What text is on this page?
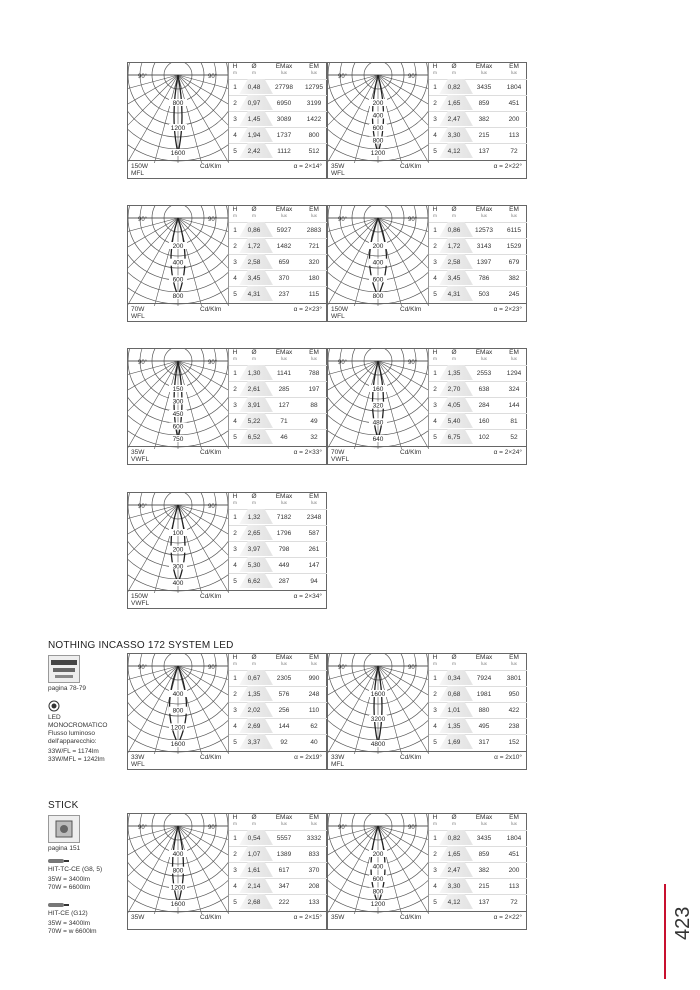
90°	90°
800
1200
1600
H
m
Ø
m
EMax
lux
EM
lux
1	0,48	27798	12795
2	0,97	6950	3199
3	1,45	3089	1422
4	1,94	1737	800
5	2,42	1112	512
150W
MFL
Cd/Klm	α = 2×14°
90°	90°
200
400
600
800
1200
H
m
Ø
m
EMax
lux
EM
lux
1	0,82	3435	1804
2	1,65	859	451
3	2,47	382	200
4	3,30	215	113
5	4,12	137	72
35W
WFL
Cd/Klm	α = 2×22°
90°	90°
200
400
600
800
H
m
Ø
m
EMax
lux
EM
lux
1	0,86	5927	2883
2	1,72	1482	721
3	2,58	659	320
4	3,45	370	180
5	4,31	237	115
70W
WFL
Cd/Klm	α = 2×23°
90°	90°
200
400
600
800
H
m
Ø
m
EMax
lux
EM
lux
1	0,86	12573	6115
2	1,72	3143	1529
3	2,58	1397	679
4	3,45	786	382
5	4,31	503	245
150W
WFL
Cd/Klm	α = 2×23°
90°	90°
150
300
450
600
750
H
m
Ø
m
EMax
lux
EM
lux
1	1,30	1141	788
2	2,61	285	197
3	3,91	127	88
4	5,22	71	49
5	6,52	46	32
35W
VWFL
Cd/Klm	α = 2×33°
90°	90°
160
320
480
640
H
m
Ø
m
EMax
lux
EM
lux
1	1,35	2553	1294
2	2,70	638	324
3	4,05	284	144
4	5,40	160	81
5	6,75	102	52
70W
VWFL
Cd/Klm	α = 2×24°
90°	90°
100
200
300
400
H
m
Ø
m
EMax
lux
EM
lux
1	1,32	7182	2348
2	2,65	1796	587
3	3,97	798	261
4	5,30	449	147
5	6,62	287	94
150W
VWFL
Cd/Klm	α = 2×34°
90°	90°
400
800
1200
1600
H
m
Ø
m
EMax
lux
EM
lux
1	0,67	2305	990
2	1,35	576	248
3	2,02	256	110
4	2,69	144	62
5	3,37	92	40
33W
WFL
Cd/Klm	α = 2x19°
90°	90°
1600
3200
4800
H
m
Ø
m
EMax
lux
EM
lux
1	0,34	7924	3801
2	0,68	1981	950
3	1,01	880	422
4	1,35	495	238
5	1,69	317	152
33W
MFL
Cd/Klm	α = 2x10°
90°	90°
400
800
1200
1600
H
m
Ø
m
EMax
lux
EM
lux
1	0,54	5557	3332
2	1,07	1389	833
3	1,61	617	370
4	2,14	347	208
5	2,68	222	133
35W	Cd/Klm	α = 2×15°
90°	90°
200
400
600
800
1200
H
m
Ø
m
EMax
lux
EM
lux
1	0,82	3435	1804
2	1,65	859	451
3	2,47	382	200
4	3,30	215	113
5	4,12	137	72
35W	Cd/Klm	α = 2×22°
NOTHING INCASSO 172 SYSTEM LED
pagina 78-79
LED
MONOCROMATICO
Flusso luminoso
dell'apparecchio:
33W/FL = 1174lm
33W/MFL = 1242lm
STICK
pagina 151
HIT-TC-CE (G8, 5)
35W = 3400lm
70W = 6600lm
HIT-CE (G12)
35W = 3400lm
70W = w 6600lm	423
